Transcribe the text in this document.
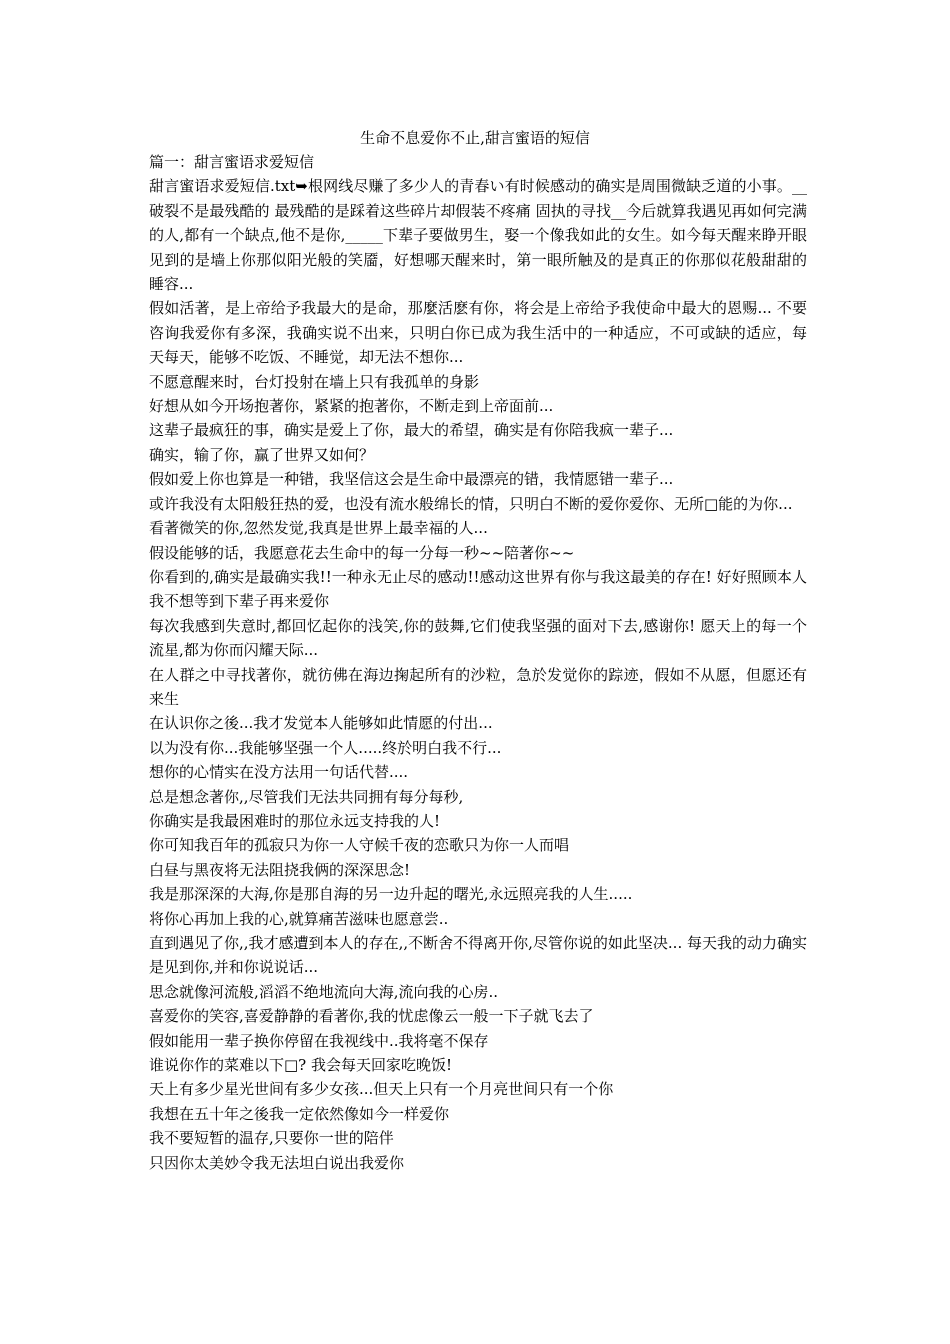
生命不息爱你不止,甜言蜜语的短信

篇一：甜言蜜语求爱短信

甜言蜜语求爱短信.txt➥根网线尽赚了多少人的青春い有时候感动的确实是周围微缺乏道的小事。__破裂不是最残酷的 最残酷的是踩着这些碎片却假装不疼痛 固执的寻找__今后就算我遇见再如何完满的人,都有一个缺点,他不是你,_____下辈子要做男生，娶一个像我如此的女生。如今每天醒来睁开眼见到的是墙上你那似阳光般的笑靥，好想哪天醒来时，第一眼所触及的是真正的你那似花般甜甜的睡容...

假如活著，是上帝给予我最大的是命，那麼活麽有你，将会是上帝给予我使命中最大的恩赐... 不要咨询我爱你有多深，我确实说不出来，只明白你已成为我生活中的一种适应，不可或缺的适应，每天每天，能够不吃饭、不睡觉，却无法不想你...

不愿意醒来时，台灯投射在墙上只有我孤单的身影

好想从如今开场抱著你，紧紧的抱著你，不断走到上帝面前...

这辈子最疯狂的事，确实是爱上了你，最大的希望，确实是有你陪我疯一辈子...

确实，输了你，赢了世界又如何？

假如爱上你也算是一种错，我坚信这会是生命中最漂亮的错，我情愿错一辈子...

或许我没有太阳般狂热的爱，也没有流水般绵长的情，只明白不断的爱你爱你、无所□能的为你...

看著微笑的你,忽然发觉,我真是世界上最幸福的人...

假设能够的话，我愿意花去生命中的每一分每一秒~~陪著你~~

你看到的,确实是最确实我!!一种永无止尽的感动!!感动这世界有你与我这最美的存在! 好好照顾本人我不想等到下辈子再来爱你

每次我感到失意时,都回忆起你的浅笑,你的鼓舞,它们使我坚强的面对下去,感谢你! 愿天上的每一个流星,都为你而闪耀天际...

在人群之中寻找著你，就彷佛在海边掬起所有的沙粒，急於发觉你的踪迹，假如不从愿，但愿还有来生

在认识你之後...我才发觉本人能够如此情愿的付出...

以为没有你...我能够坚强一个人.....终於明白我不行...

想你的心情实在没方法用一句话代替....

总是想念著你,,尽管我们无法共同拥有每分每秒,

你确实是我最困难时的那位永远支持我的人!

你可知我百年的孤寂只为你一人守候千夜的恋歌只为你一人而唱

白昼与黑夜将无法阻挠我俩的深深思念!

我是那深深的大海,你是那自海的另一边升起的曙光,永远照亮我的人生.....

将你心再加上我的心,就算痛苦滋味也愿意尝..

直到遇见了你,,我才感遭到本人的存在,,不断舍不得离开你,尽管你说的如此坚决... 每天我的动力确实是见到你,并和你说说话...

思念就像河流般,滔滔不绝地流向大海,流向我的心房..

喜爱你的笑容,喜爱静静的看著你,我的忧虑像云一般一下子就飞去了

假如能用一辈子换你停留在我视线中..我将毫不保存

谁说你作的菜难以下□? 我会每天回家吃晚饭!

天上有多少星光世间有多少女孩...但天上只有一个月亮世间只有一个你

我想在五十年之後我一定依然像如今一样爱你

我不要短暂的温存,只要你一世的陪伴

只因你太美妙令我无法坦白说出我爱你
